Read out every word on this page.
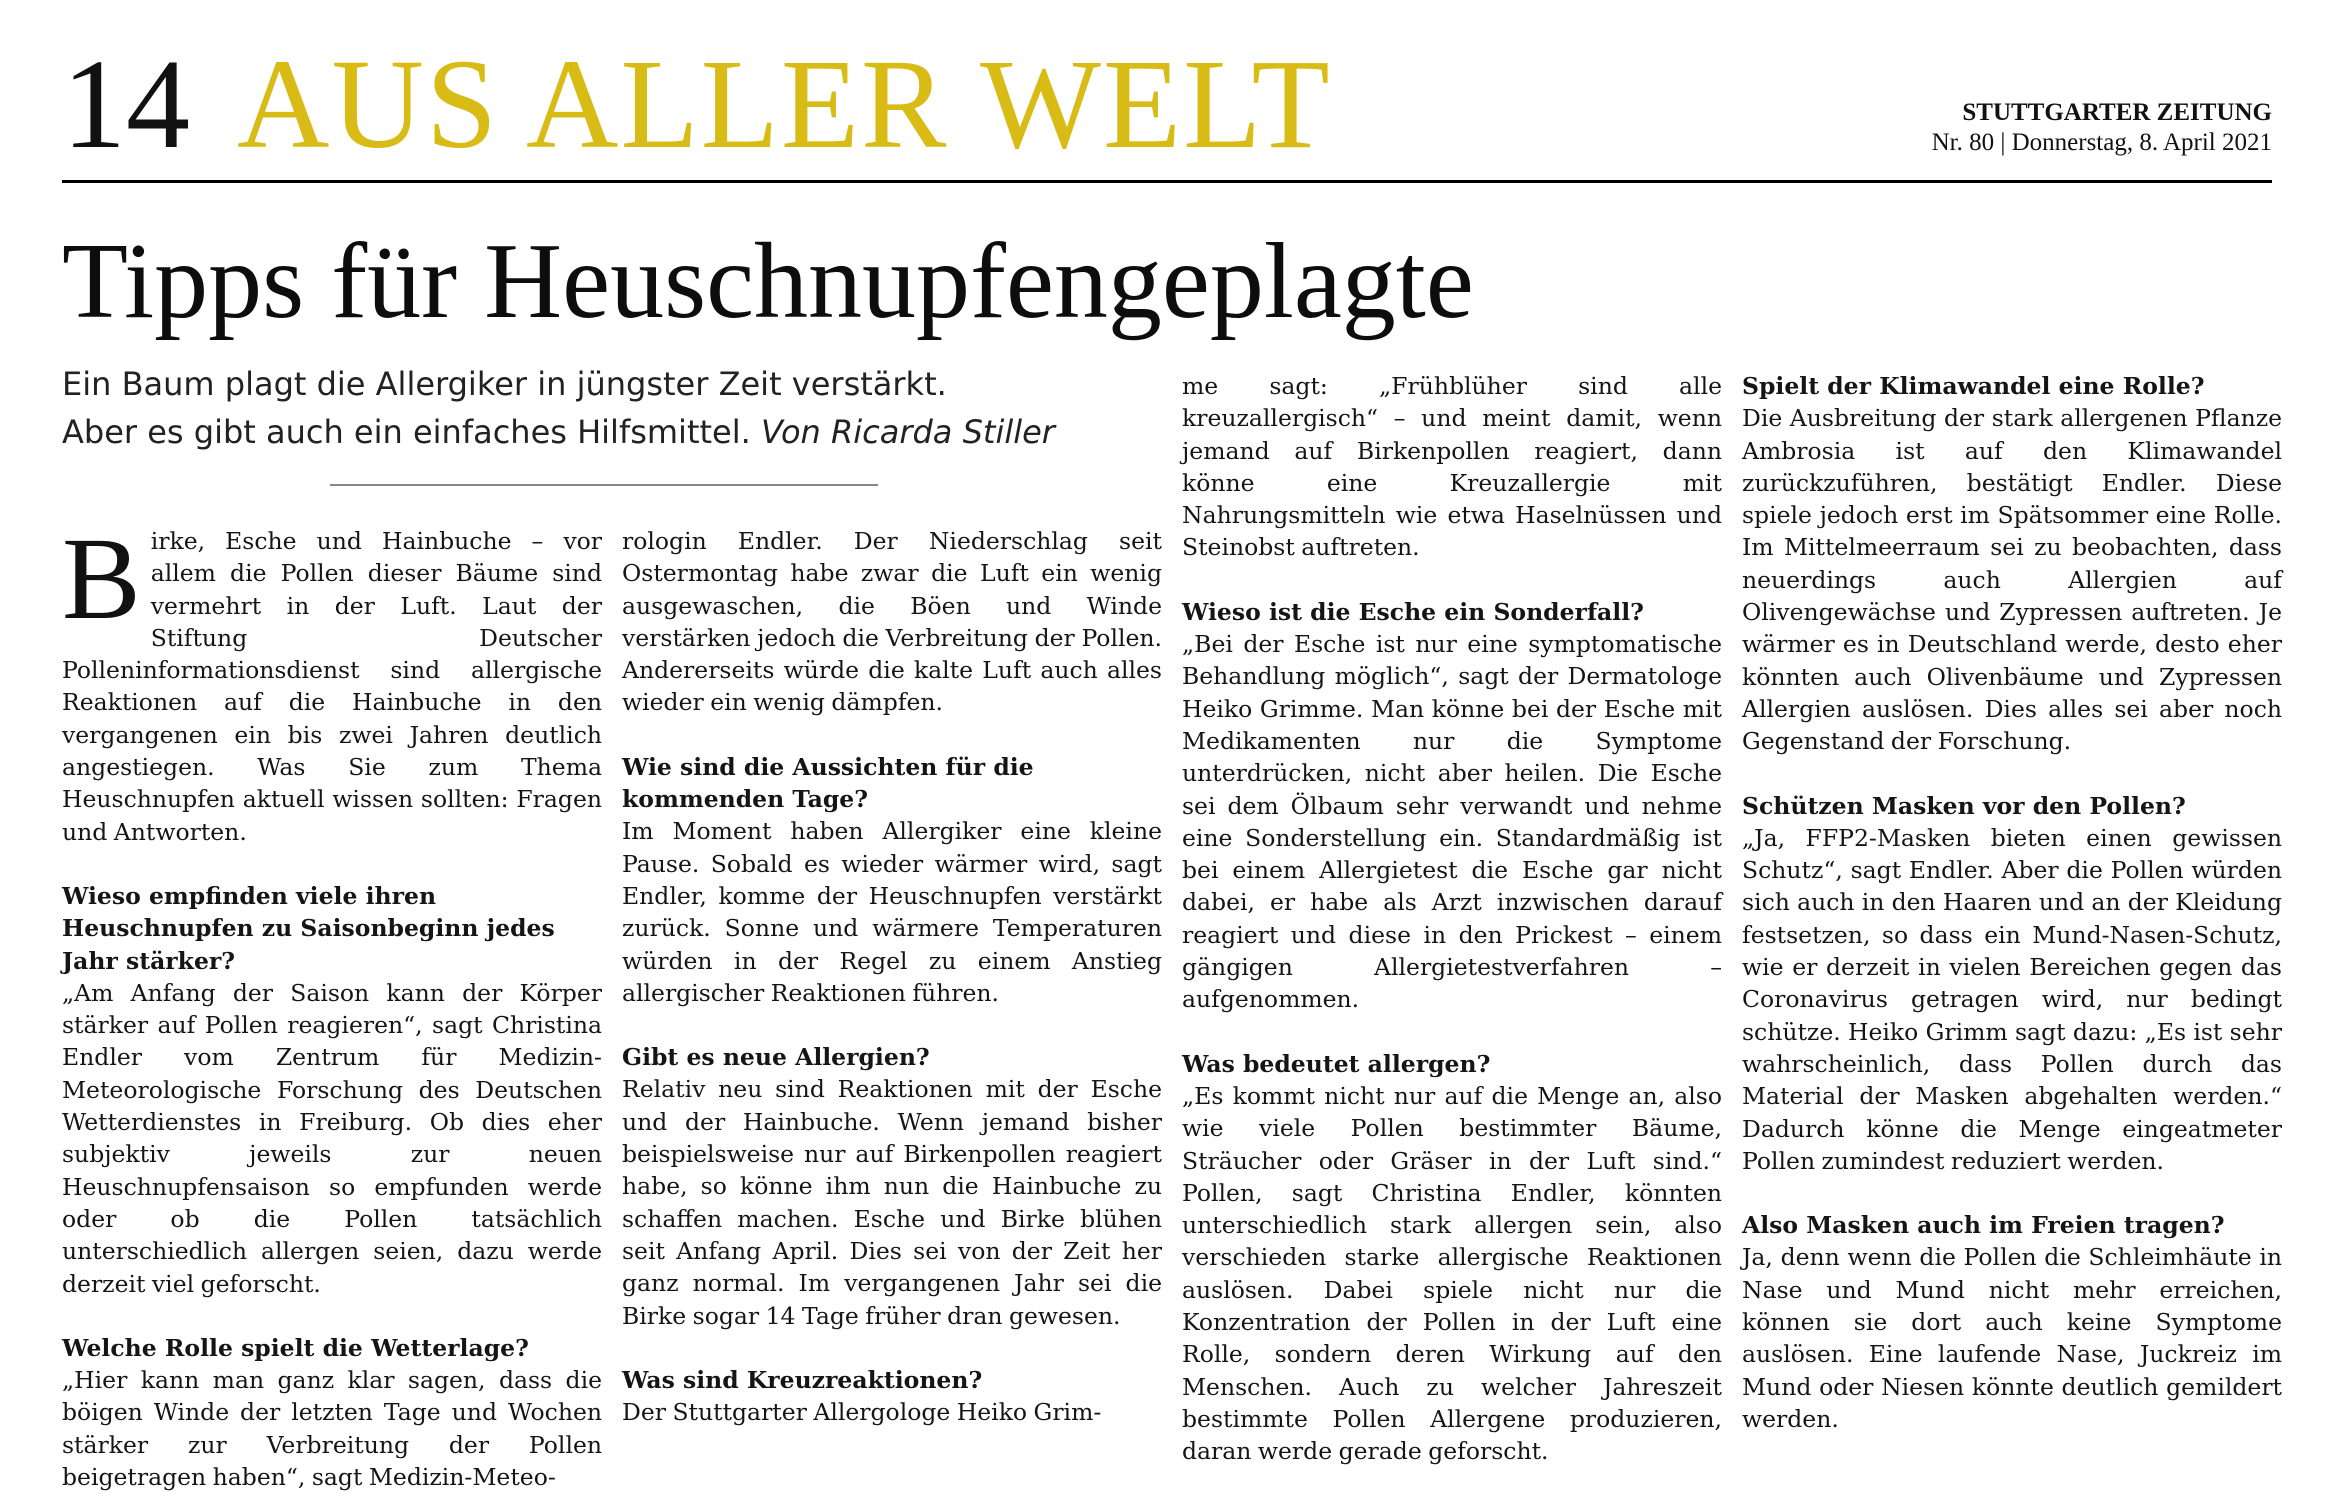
14 AUS ALLER WELT	STUTTGARTER ZEITUNG
Nr. 80 | Donnerstag, 8. April 2021
Tipps für Heuschnupfengeplagte

Ein Baum plagt die Allergiker in jüngster Zeit verstärkt.

Aber es gibt auch ein einfaches Hilfsmittel. Von Ricarda Stiller

Birke, Esche und Hainbuche – vor allem die Pollen dieser Bäume sind vermehrt in der Luft. Laut der Stiftung Deutscher Polleninformationsdienst sind allergische Reaktionen auf die Hainbuche in den vergangenen ein bis zwei Jahren deutlich angestiegen. Was Sie zum Thema Heuschnupfen aktuell wissen sollten: Fragen und Antworten.

Wieso empfinden viele ihren Heuschnupfen zu Saisonbeginn jedes Jahr stärker?

„Am Anfang der Saison kann der Körper stärker auf Pollen reagieren“, sagt Christina Endler vom Zentrum für Medizin-Meteorologische Forschung des Deutschen Wetterdienstes in Freiburg. Ob dies eher subjektiv jeweils zur neuen Heuschnupfensaison so empfunden werde oder ob die Pollen tatsächlich unterschiedlich allergen seien, dazu werde derzeit viel geforscht.

Welche Rolle spielt die Wetterlage?

„Hier kann man ganz klar sagen, dass die böigen Winde der letzten Tage und Wochen stärker zur Verbreitung der Pollen beigetragen haben“, sagt Medizin-Meteo-

rologin Endler. Der Niederschlag seit Ostermontag habe zwar die Luft ein wenig ausgewaschen, die Böen und Winde verstärken jedoch die Verbreitung der Pollen. Andererseits würde die kalte Luft auch alles wieder ein wenig dämpfen.

Wie sind die Aussichten für die kommenden Tage?

Im Moment haben Allergiker eine kleine Pause. Sobald es wieder wärmer wird, sagt Endler, komme der Heuschnupfen verstärkt zurück. Sonne und wärmere Temperaturen würden in der Regel zu einem Anstieg allergischer Reaktionen führen.

Gibt es neue Allergien?

Relativ neu sind Reaktionen mit der Esche und der Hainbuche. Wenn jemand bisher beispielsweise nur auf Birkenpollen reagiert habe, so könne ihm nun die Hainbuche zu schaffen machen. Esche und Birke blühen seit Anfang April. Dies sei von der Zeit her ganz normal. Im vergangenen Jahr sei die Birke sogar 14 Tage früher dran gewesen.

Was sind Kreuzreaktionen?

Der Stuttgarter Allergologe Heiko Grim-

me sagt: „Frühblüher sind alle kreuzallergisch“ – und meint damit, wenn jemand auf Birkenpollen reagiert, dann könne eine Kreuzallergie mit Nahrungsmitteln wie etwa Haselnüssen und Steinobst auftreten.

Wieso ist die Esche ein Sonderfall?

„Bei der Esche ist nur eine symptomatische Behandlung möglich“, sagt der Dermatologe Heiko Grimme. Man könne bei der Esche mit Medikamenten nur die Symptome unterdrücken, nicht aber heilen. Die Esche sei dem Ölbaum sehr verwandt und nehme eine Sonderstellung ein. Standardmäßig ist bei einem Allergietest die Esche gar nicht dabei, er habe als Arzt inzwischen darauf reagiert und diese in den Prickest – einem gängigen Allergietestverfahren – aufgenommen.

Was bedeutet allergen?

„Es kommt nicht nur auf die Menge an, also wie viele Pollen bestimmter Bäume, Sträucher oder Gräser in der Luft sind.“ Pollen, sagt Christina Endler, könnten unterschiedlich stark allergen sein, also verschieden starke allergische Reaktionen auslösen. Dabei spiele nicht nur die Konzentration der Pollen in der Luft eine Rolle, sondern deren Wirkung auf den Menschen. Auch zu welcher Jahreszeit bestimmte Pollen Allergene produzieren, daran werde gerade geforscht.

Spielt der Klimawandel eine Rolle?

Die Ausbreitung der stark allergenen Pflanze Ambrosia ist auf den Klimawandel zurückzuführen, bestätigt Endler. Diese spiele jedoch erst im Spätsommer eine Rolle. Im Mittelmeerraum sei zu beobachten, dass neuerdings auch Allergien auf Olivengewächse und Zypressen auftreten. Je wärmer es in Deutschland werde, desto eher könnten auch Olivenbäume und Zypressen Allergien auslösen. Dies alles sei aber noch Gegenstand der Forschung.

Schützen Masken vor den Pollen?

„Ja, FFP2-Masken bieten einen gewissen Schutz“, sagt Endler. Aber die Pollen würden sich auch in den Haaren und an der Kleidung festsetzen, so dass ein Mund-Nasen-Schutz, wie er derzeit in vielen Bereichen gegen das Coronavirus getragen wird, nur bedingt schütze. Heiko Grimm sagt dazu: „Es ist sehr wahrscheinlich, dass Pollen durch das Material der Masken abgehalten werden.“ Dadurch könne die Menge eingeatmeter Pollen zumindest reduziert werden.

Also Masken auch im Freien tragen?

Ja, denn wenn die Pollen die Schleimhäute in Nase und Mund nicht mehr erreichen, können sie dort auch keine Symptome auslösen. Eine laufende Nase, Juckreiz im Mund oder Niesen könnte deutlich gemildert werden.
